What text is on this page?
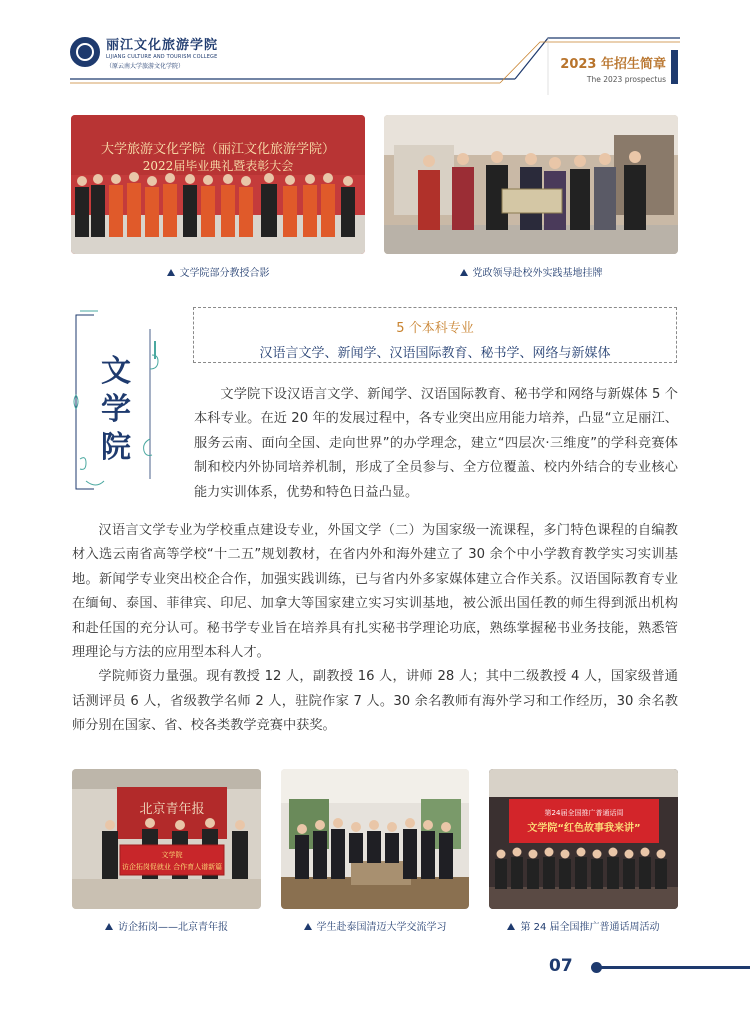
丽江文化旅游学院
LIJIANG CULTURE AND TOURISM COLLEGE
（原云南大学旅游文化学院）	2023 年招生简章
The 2023 prospectus
大学旅游文化学院（丽江文化旅游学院）
2022届毕业典礼暨表彰大会
文学院部分教授合影	党政领导赴校外实践基地挂牌
文
学
院
5 个本科专业
汉语言文学、新闻学、汉语国际教育、秘书学、网络与新媒体

文学院下设汉语言文学、新闻学、汉语国际教育、秘书学和网络与新媒体 5 个本科专业。在近 20 年的发展过程中，各专业突出应用能力培养，凸显“立足丽江、服务云南、面向全国、走向世界”的办学理念，建立“四层次·三维度”的学科竞赛体制和校内外协同培养机制，形成了全员参与、全方位覆盖、校内外结合的专业核心能力实训体系，优势和特色日益凸显。

汉语言文学专业为学校重点建设专业，外国文学（二）为国家级一流课程，多门特色课程的自编教材入选云南省高等学校“十二五”规划教材，在省内外和海外建立了 30 余个中小学教育教学实习实训基地。新闻学专业突出校企合作，加强实践训练，已与省内外多家媒体建立合作关系。汉语国际教育专业在缅甸、泰国、菲律宾、印尼、加拿大等国家建立实习实训基地，被公派出国任教的师生得到派出机构和赴任国的充分认可。秘书学专业旨在培养具有扎实秘书学理论功底，熟练掌握秘书业务技能，熟悉管理理论与方法的应用型本科人才。

学院师资力量强。现有教授 12 人，副教授 16 人，讲师 28 人；其中二级教授 4 人，国家级普通话测评员 6 人，省级教学名师 2 人，驻院作家 7 人。30 余名教师有海外学习和工作经历，30 余名教师分别在国家、省、校各类教学竞赛中获奖。

北京青年报
文学院
访企拓岗促就业 合作育人谱新篇
访企拓岗——北京青年报	学生赴泰国清迈大学交流学习
第24届全国推广普通话周
文学院“红色故事我来讲”
第 24 届全国推广普通话周活动
07
